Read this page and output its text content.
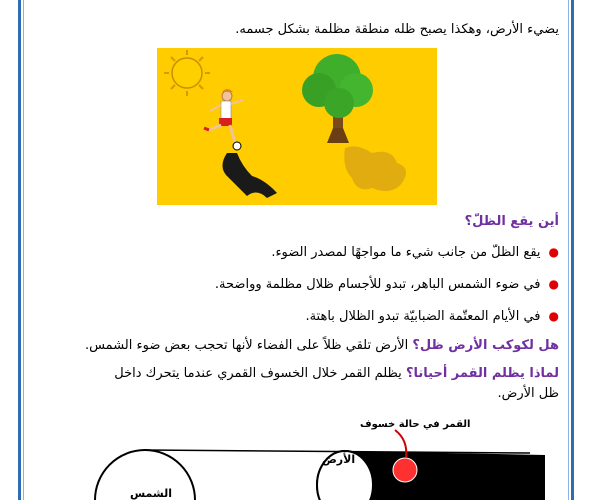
يضيء الأرض، وهكذا يصبح ظله منطقة مظلمة بشكل جسمه.
أين يقع الظلّ؟
●يقع الظلّ من جانب شيء ما مواجهًا لمصدر الضوء.
●في ضوء الشمس الباهر، تبدو للأجسام ظلال مظلمة وواضحة.
●في الأيام المعتّمة الضبابيّة تبدو الظلال باهتة.
هل لكوكب الأرض ظل؟ الأرض تلقي ظلاً على الفضاء لأنها تحجب بعض ضوء الشمس.
لماذا يظلم القمر أحيانا؟ يظلم القمر خلال الخسوف القمري عندما يتحرك داخل
ظل الأرض.
الشمس
الأرض
القمر في حالة خسوف
